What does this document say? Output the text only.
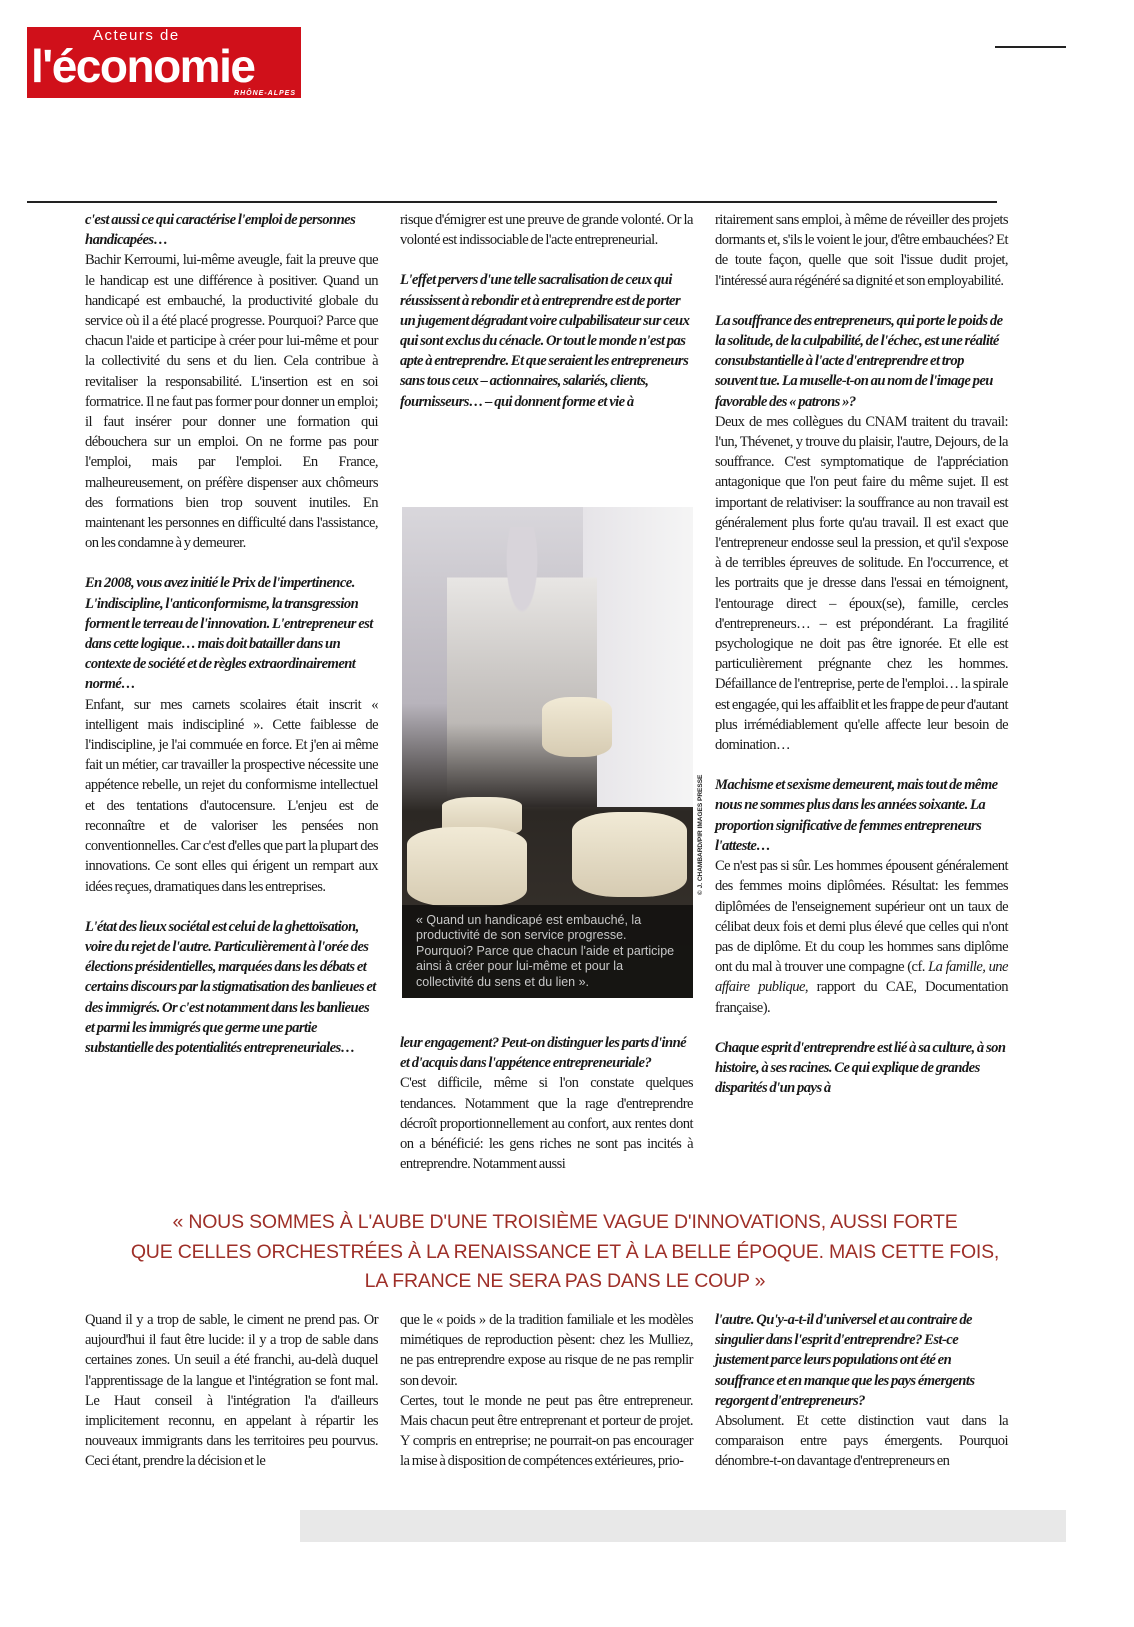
Acteurs de
l'économie
RHÔNE-ALPES

c'est aussi ce qui caractérise l'emploi de personnes handicapées…

Bachir Kerroumi, lui-même aveugle, fait la preuve que le handicap est une différence à positiver. Quand un handicapé est embauché, la productivité globale du service où il a été placé progresse. Pourquoi? Parce que chacun l'aide et participe à créer pour lui-même et pour la collectivité du sens et du lien. Cela contribue à revitaliser la responsabilité. L'insertion est en soi formatrice. Il ne faut pas former pour donner un emploi; il faut insérer pour donner une formation qui débouchera sur un emploi. On ne forme pas pour l'emploi, mais par l'emploi. En France, malheureusement, on préfère dispenser aux chômeurs des formations bien trop souvent inutiles. En maintenant les personnes en difficulté dans l'assistance, on les condamne à y demeurer.

En 2008, vous avez initié le Prix de l'impertinence. L'indiscipline, l'anticonformisme, la transgression forment le terreau de l'innovation. L'entrepreneur est dans cette logique… mais doit batailler dans un contexte de société et de règles extraordinairement normé…

Enfant, sur mes carnets scolaires était inscrit « intelligent mais indiscipliné ». Cette faiblesse de l'indiscipline, je l'ai commuée en force. Et j'en ai même fait un métier, car travailler la prospective nécessite une appétence rebelle, un rejet du conformisme intellectuel et des tentations d'autocensure. L'enjeu est de reconnaître et de valoriser les pensées non conventionnelles. Car c'est d'elles que part la plupart des innovations. Ce sont elles qui érigent un rempart aux idées reçues, dramatiques dans les entreprises.

L'état des lieux sociétal est celui de la ghettoïsation, voire du rejet de l'autre. Particulièrement à l'orée des élections présidentielles, marquées dans les débats et certains discours par la stigmatisation des banlieues et des immigrés. Or c'est notamment dans les banlieues et parmi les immigrés que germe une partie substantielle des potentialités entrepreneuriales…

risque d'émigrer est une preuve de grande volonté. Or la volonté est indissociable de l'acte entrepreneurial.

L'effet pervers d'une telle sacralisation de ceux qui réussissent à rebondir et à entreprendre est de porter un jugement dégradant voire culpabilisateur sur ceux qui sont exclus du cénacle. Or tout le monde n'est pas apte à entreprendre. Et que seraient les entrepreneurs sans tous ceux – actionnaires, salariés, clients, fournisseurs… – qui donnent forme et vie à

« Quand un handicapé est embauché, la productivité de son service progresse. Pourquoi? Parce que chacun l'aide et participe ainsi à créer pour lui-même et pour la collectivité du sens et du lien ».
© J. CHAMBARD/PIR IMAGES PRESSE

leur engagement? Peut-on distinguer les parts d'inné et d'acquis dans l'appétence entrepreneuriale?

C'est difficile, même si l'on constate quelques tendances. Notamment que la rage d'entreprendre décroît proportionnellement au confort, aux rentes dont on a bénéficié: les gens riches ne sont pas incités à entreprendre. Notamment aussi

ritairement sans emploi, à même de réveiller des projets dormants et, s'ils le voient le jour, d'être embauchées? Et de toute façon, quelle que soit l'issue dudit projet, l'intéressé aura régénéré sa dignité et son employabilité.

La souffrance des entrepreneurs, qui porte le poids de la solitude, de la culpabilité, de l'échec, est une réalité consubstantielle à l'acte d'entreprendre et trop souvent tue. La muselle-t-on au nom de l'image peu favorable des « patrons »?

Deux de mes collègues du CNAM traitent du travail: l'un, Thévenet, y trouve du plaisir, l'autre, Dejours, de la souffrance. C'est symptomatique de l'appréciation antagonique que l'on peut faire du même sujet. Il est important de relativiser: la souffrance au non travail est généralement plus forte qu'au travail. Il est exact que l'entrepreneur endosse seul la pression, et qu'il s'expose à de terribles épreuves de solitude. En l'occurrence, et les portraits que je dresse dans l'essai en témoignent, l'entourage direct – époux(se), famille, cercles d'entrepreneurs… – est prépondérant. La fragilité psychologique ne doit pas être ignorée. Et elle est particulièrement prégnante chez les hommes. Défaillance de l'entreprise, perte de l'emploi… la spirale est engagée, qui les affaiblit et les frappe de peur d'autant plus irrémédiablement qu'elle affecte leur besoin de domination…

Machisme et sexisme demeurent, mais tout de même nous ne sommes plus dans les années soixante. La proportion significative de femmes entrepreneurs l'atteste…

Ce n'est pas si sûr. Les hommes épousent généralement des femmes moins diplômées. Résultat: les femmes diplômées de l'enseignement supérieur ont un taux de célibat deux fois et demi plus élevé que celles qui n'ont pas de diplôme. Et du coup les hommes sans diplôme ont du mal à trouver une compagne (cf. La famille, une affaire publique, rapport du CAE, Documentation française).

Chaque esprit d'entreprendre est lié à sa culture, à son histoire, à ses racines. Ce qui explique de grandes disparités d'un pays à

« NOUS SOMMES À L'AUBE D'UNE TROISIÈME VAGUE D'INNOVATIONS, AUSSI FORTE
QUE CELLES ORCHESTRÉES À LA RENAISSANCE ET À LA BELLE ÉPOQUE. MAIS CETTE FOIS,
LA FRANCE NE SERA PAS DANS LE COUP »

Quand il y a trop de sable, le ciment ne prend pas. Or aujourd'hui il faut être lucide: il y a trop de sable dans certaines zones. Un seuil a été franchi, au-delà duquel l'apprentissage de la langue et l'intégration se font mal. Le Haut conseil à l'intégration l'a d'ailleurs implicitement reconnu, en appelant à répartir les nouveaux immigrants dans les territoires peu pourvus. Ceci étant, prendre la décision et le

que le « poids » de la tradition familiale et les modèles mimétiques de reproduction pèsent: chez les Mulliez, ne pas entreprendre expose au risque de ne pas remplir son devoir.

Certes, tout le monde ne peut pas être entrepreneur. Mais chacun peut être entreprenant et porteur de projet. Y compris en entreprise; ne pourrait-on pas encourager la mise à disposition de compétences extérieures, prio-

l'autre. Qu'y-a-t-il d'universel et au contraire de singulier dans l'esprit d'entreprendre? Est-ce justement parce leurs populations ont été en souffrance et en manque que les pays émergents regorgent d'entrepreneurs?

Absolument. Et cette distinction vaut dans la comparaison entre pays émergents. Pourquoi dénombre-t-on davantage d'entrepreneurs en
